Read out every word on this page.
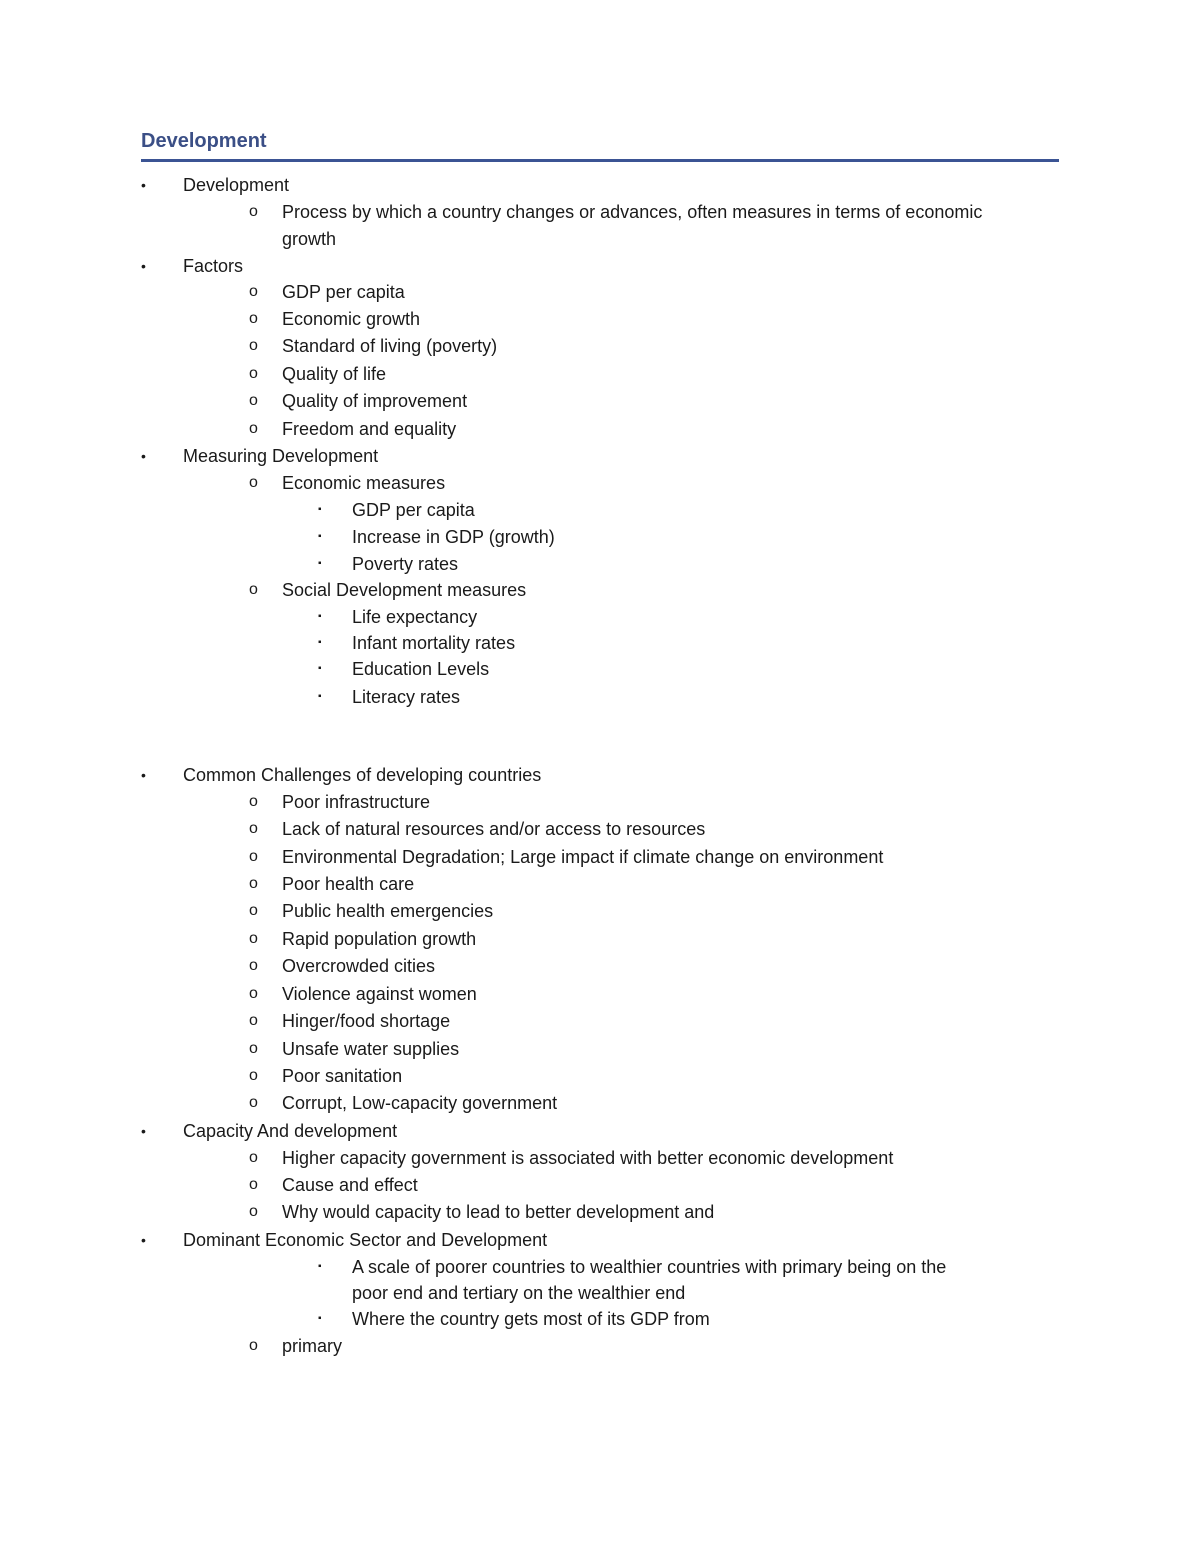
Development
• Development
o Process by which a country changes or advances, often measures in terms of economic
growth
• Factors
o GDP per capita
o Economic growth
o Standard of living (poverty)
o Quality of life
o Quality of improvement
o Freedom and equality
• Measuring Development
o Economic measures
▪ GDP per capita
▪ Increase in GDP (growth)
▪ Poverty rates
o Social Development measures
▪ Life expectancy
▪ Infant mortality rates
▪ Education Levels
▪ Literacy rates
• Common Challenges of developing countries
o Poor infrastructure
o Lack of natural resources and/or access to resources
o Environmental Degradation; Large impact if climate change on environment
o Poor health care
o Public health emergencies
o Rapid population growth
o Overcrowded cities
o Violence against women
o Hinger/food shortage
o Unsafe water supplies
o Poor sanitation
o Corrupt, Low-capacity government
• Capacity And development
o Higher capacity government is associated with better economic development
o Cause and effect
o Why would capacity to lead to better development and
• Dominant Economic Sector and Development
▪ A scale of poorer countries to wealthier countries with primary being on the
poor end and tertiary on the wealthier end
▪ Where the country gets most of its GDP from
o primary
